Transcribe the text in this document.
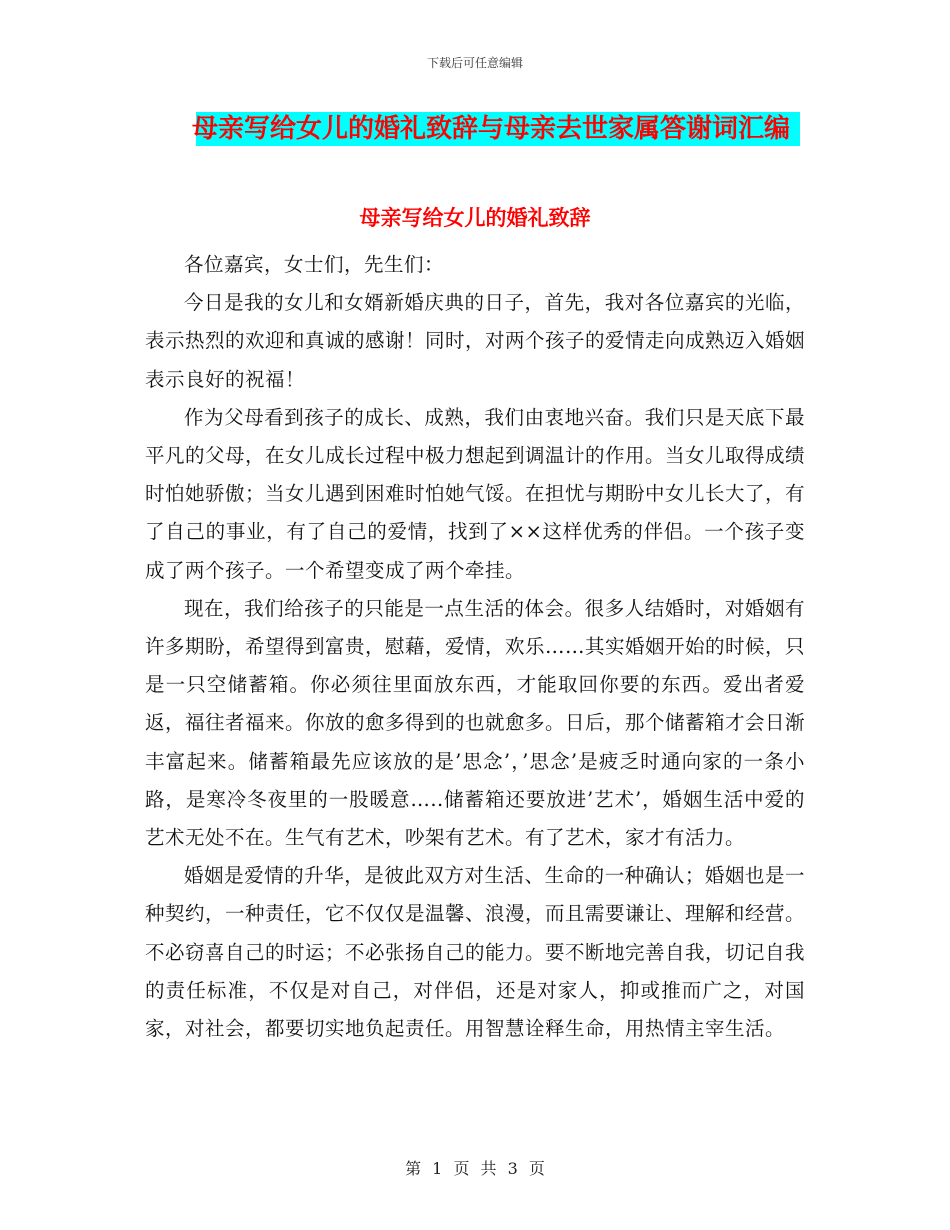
下载后可任意编辑
母亲写给女儿的婚礼致辞与母亲去世家属答谢词汇编
母亲写给女儿的婚礼致辞

各位嘉宾，女士们，先生们：

今日是我的女儿和女婿新婚庆典的日子，首先，我对各位嘉宾的光临，表示热烈的欢迎和真诚的感谢！同时，对两个孩子的爱情走向成熟迈入婚姻表示良好的祝福！

作为父母看到孩子的成长、成熟，我们由衷地兴奋。我们只是天底下最平凡的父母，在女儿成长过程中极力想起到调温计的作用。当女儿取得成绩时怕她骄傲；当女儿遇到困难时怕她气馁。在担忧与期盼中女儿长大了，有了自己的事业，有了自己的爱情，找到了××这样优秀的伴侣。一个孩子变成了两个孩子。一个希望变成了两个牵挂。

现在，我们给孩子的只能是一点生活的体会。很多人结婚时，对婚姻有许多期盼，希望得到富贵，慰藉，爱情，欢乐……其实婚姻开始的时候，只是一只空储蓄箱。你必须往里面放东西，才能取回你要的东西。爱出者爱返，福往者福来。你放的愈多得到的也就愈多。日后，那个储蓄箱才会日渐丰富起来。储蓄箱最先应该放的是’思念’，’思念’是疲乏时通向家的一条小路，是寒冷冬夜里的一股暖意…..储蓄箱还要放进’艺术’，婚姻生活中爱的艺术无处不在。生气有艺术，吵架有艺术。有了艺术，家才有活力。

婚姻是爱情的升华，是彼此双方对生活、生命的一种确认；婚姻也是一种契约，一种责任，它不仅仅是温馨、浪漫，而且需要谦让、理解和经营。不必窃喜自己的时运；不必张扬自己的能力。要不断地完善自我，切记自我的责任标准，不仅是对自己，对伴侣，还是对家人，抑或推而广之，对国家，对社会，都要切实地负起责任。用智慧诠释生命，用热情主宰生活。

第 1 页 共 3 页
